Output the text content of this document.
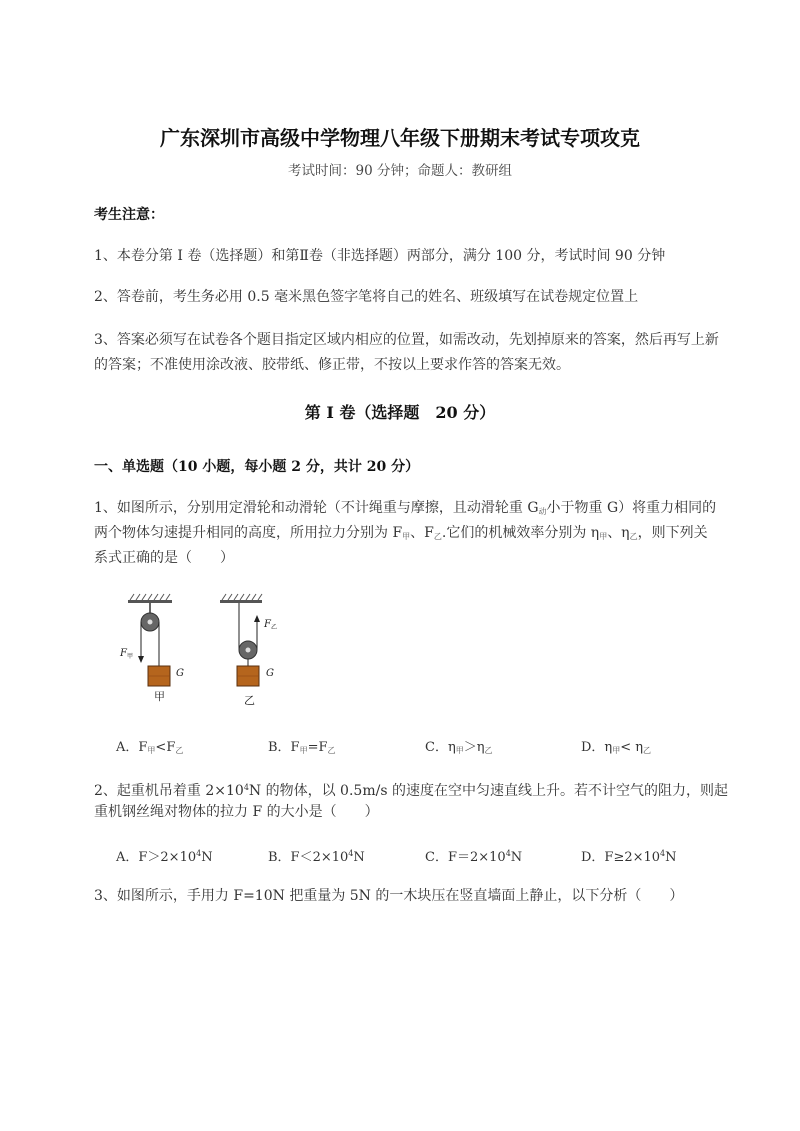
广东深圳市高级中学物理八年级下册期末考试专项攻克
考试时间：90 分钟；命题人：教研组
考生注意：
1、本卷分第 I 卷（选择题）和第Ⅱ卷（非选择题）两部分，满分 100 分，考试时间 90 分钟
2、答卷前，考生务必用 0.5 毫米黑色签字笔将自己的姓名、班级填写在试卷规定位置上
3、答案必须写在试卷各个题目指定区域内相应的位置，如需改动，先划掉原来的答案，然后再写上新
的答案；不准使用涂改液、胶带纸、修正带，不按以上要求作答的答案无效。
第 I 卷（选择题　20 分）
一、单选题（10 小题，每小题 2 分，共计 20 分）
1、如图所示，分别用定滑轮和动滑轮（不计绳重与摩擦，且动滑轮重 $G_动$小于物重 G）将重力相同的
两个物体匀速提升相同的高度，所用拉力分别为 $F_甲$、$F_乙$.它们的机械效率分别为 $\eta_甲$、$\eta_乙$，则下列关
系式正确的是（　　）
F 甲
G
甲
F 乙
G
乙
A．$F_甲<F_乙$	B．$F_甲=F_乙$	C．$\eta_甲>\eta_乙$	D．$\eta_甲< \eta_乙$
2、起重机吊着重 $2\times 10^4N$ 的物体，以 0.5m/s 的速度在空中匀速直线上升。若不计空气的阻力，则起
重机钢丝绳对物体的拉力 F 的大小是（　　）
A．$F>2\times 10^4N$	B．$F<2\times 10^4N$	C．$F=2\times 10^4N$	D．$F\ge 2\times 10^4N$
3、如图所示，手用力 F=10N 把重量为 5N 的一木块压在竖直墙面上静止，以下分析（　　）
